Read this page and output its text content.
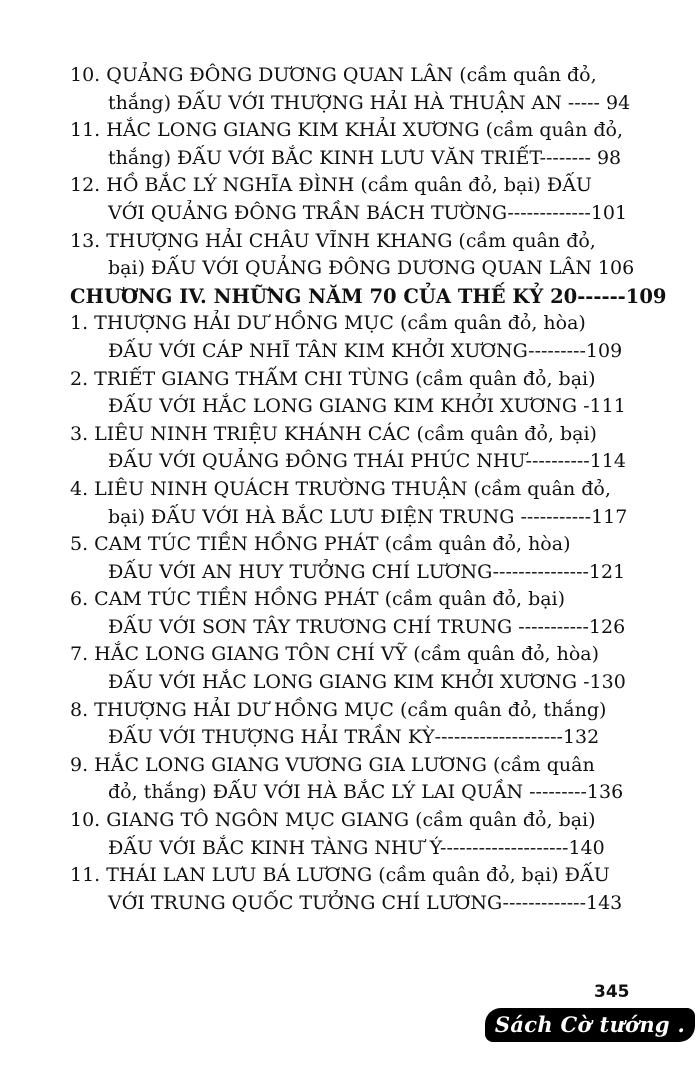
10. QUẢNG ĐÔNG DƯƠNG QUAN LÂN (cầm quân đỏ,
thắng) ĐẤU VỚI THƯỢNG HẢI HÀ THUẬN AN ----- 94
11. HẮC LONG GIANG KIM KHẢI XƯƠNG (cầm quân đỏ,
thắng) ĐẤU VỚI BẮC KINH LƯU VĂN TRIẾT-------- 98
12. HỒ BẮC LÝ NGHĨA ĐÌNH (cầm quân đỏ, bại) ĐẤU
VỚI QUẢNG ĐÔNG TRẦN BÁCH TƯỜNG-------------101
13. THƯỢNG HẢI CHÂU VĨNH KHANG (cầm quân đỏ,
bại) ĐẤU VỚI QUẢNG ĐÔNG DƯƠNG QUAN LÂN 106
CHƯƠNG IV. NHỮNG NĂM 70 CỦA THẾ KỶ 20------109
1. THƯỢNG HẢI DƯ HỒNG MỤC (cầm quân đỏ, hòa)
ĐẤU VỚI CÁP NHĨ TÂN KIM KHỞI XƯƠNG---------109
2. TRIẾT GIANG THẨM CHI TÙNG (cầm quân đỏ, bại)
ĐẤU VỚI HẮC LONG GIANG KIM KHỞI XƯƠNG -111
3. LIÊU NINH TRIỆU KHÁNH CÁC (cầm quân đỏ, bại)
ĐẤU VỚI QUẢNG ĐÔNG THÁI PHÚC NHƯ----------114
4. LIÊU NINH QUÁCH TRƯỜNG THUẬN (cầm quân đỏ,
bại) ĐẤU VỚI HÀ BẮC LƯU ĐIỆN TRUNG -----------117
5. CAM TÚC TIỀN HỒNG PHÁT (cầm quân đỏ, hòa)
ĐẤU VỚI AN HUY TƯỞNG CHÍ LƯƠNG---------------121
6. CAM TÚC TIỀN HỒNG PHÁT (cầm quân đỏ, bại)
ĐẤU VỚI SƠN TÂY TRƯƠNG CHÍ TRUNG -----------126
7. HẮC LONG GIANG TÔN CHÍ VỸ (cầm quân đỏ, hòa)
ĐẤU VỚI HẮC LONG GIANG KIM KHỞI XƯƠNG -130
8. THƯỢNG HẢI DƯ HỒNG MỤC (cầm quân đỏ, thắng)
ĐẤU VỚI THƯỢNG HẢI TRẦN KỲ--------------------132
9. HẮC LONG GIANG VƯƠNG GIA LƯƠNG (cầm quân
đỏ, thắng) ĐẤU VỚI HÀ BẮC LÝ LAI QUẦN ---------136
10. GIANG TÔ NGÔN MỤC GIANG (cầm quân đỏ, bại)
ĐẤU VỚI BẮC KINH TÀNG NHƯ Ý--------------------140
11. THÁI LAN LƯU BÁ LƯƠNG (cầm quân đỏ, bại) ĐẤU
VỚI TRUNG QUỐC TƯỞNG CHÍ LƯƠNG-------------143
345
Sách Cờ tướng . Com
